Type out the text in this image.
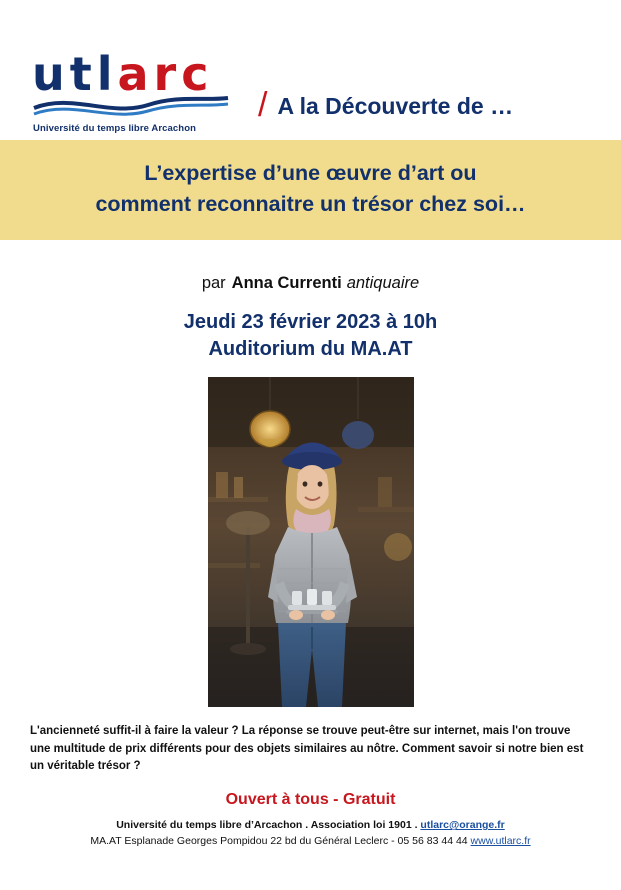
utlarc
Université du temps libre Arcachon
/ A la Découverte de …
L’expertise d’une œuvre d’art ou
comment reconnaitre un trésor chez soi…
par Anna Currenti antiquaire
Jeudi 23 février 2023 à 10h
Auditorium du MA.AT
L'ancienneté suffit-il à faire la valeur ? La réponse se trouve peut-être sur internet, mais l'on trouve une multitude de prix différents pour des objets similaires au nôtre. Comment savoir si notre bien est un véritable trésor ?
Ouvert à tous - Gratuit
Université du temps libre d’Arcachon . Association loi 1901 . utlarc@orange.fr
MA.AT Esplanade Georges Pompidou 22 bd du Général Leclerc - 05 56 83 44 44 www.utlarc.fr
